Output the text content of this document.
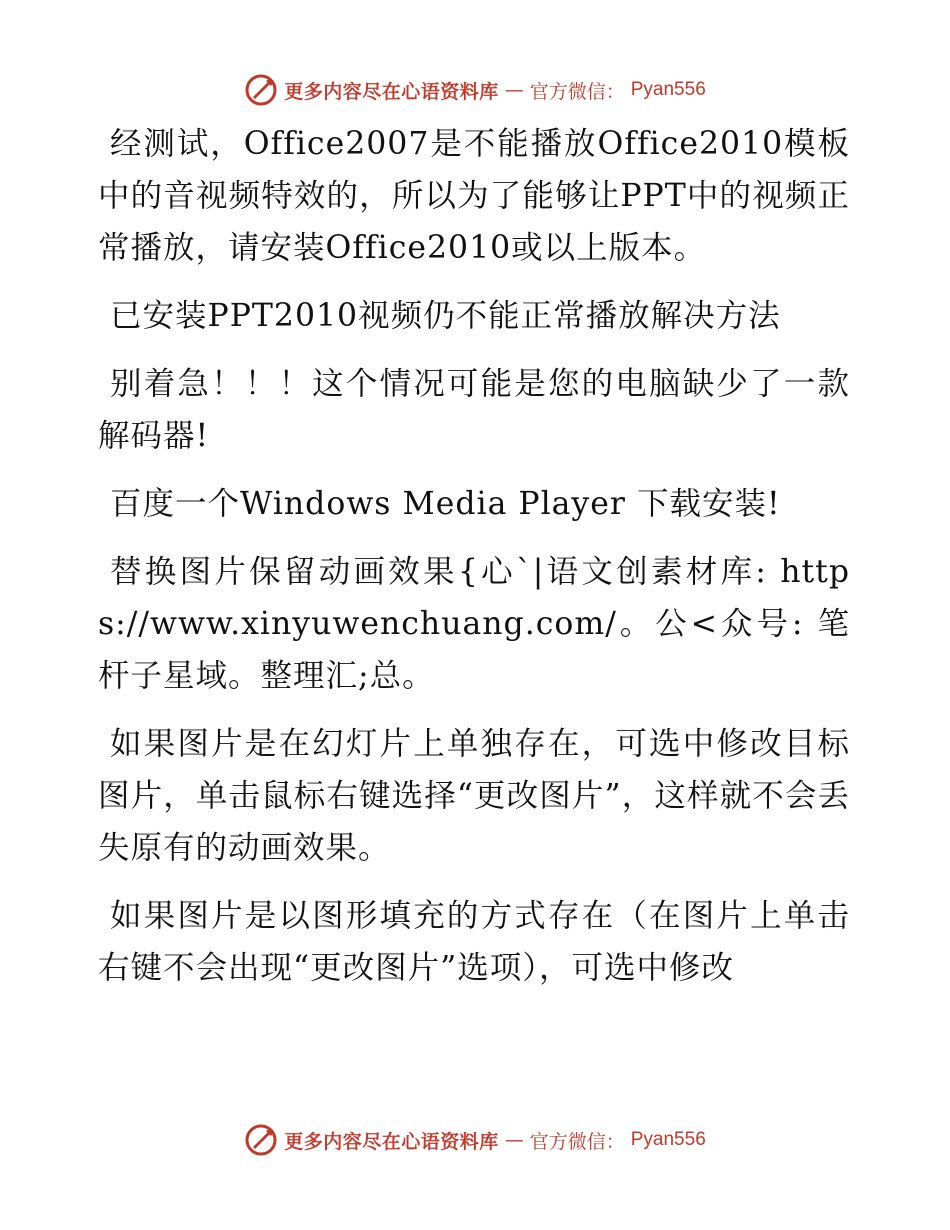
更多内容尽在心语资料库 — 官方微信： Pyan556

经测试，Office2007是不能播放Office2010模板中的音视频特效的，所以为了能够让PPT中的视频正常播放，请安装Office2010或以上版本。

已安装PPT2010视频仍不能正常播放解决方法

别着急！！！这个情况可能是您的电脑缺少了一款解码器!

百度一个Windows Media Player 下载安装!

替换图片保留动画效果{心`|语文创素材库: https://www.xinyuwenchuang.com/。公<众号: 笔杆子星域。整理汇;总。

如果图片是在幻灯片上单独存在，可选中修改目标图片，单击鼠标右键选择“更改图片”，这样就不会丢失原有的动画效果。

如果图片是以图形填充的方式存在（在图片上单击右键不会出现“更改图片”选项），可选中修改

更多内容尽在心语资料库 — 官方微信： Pyan556
